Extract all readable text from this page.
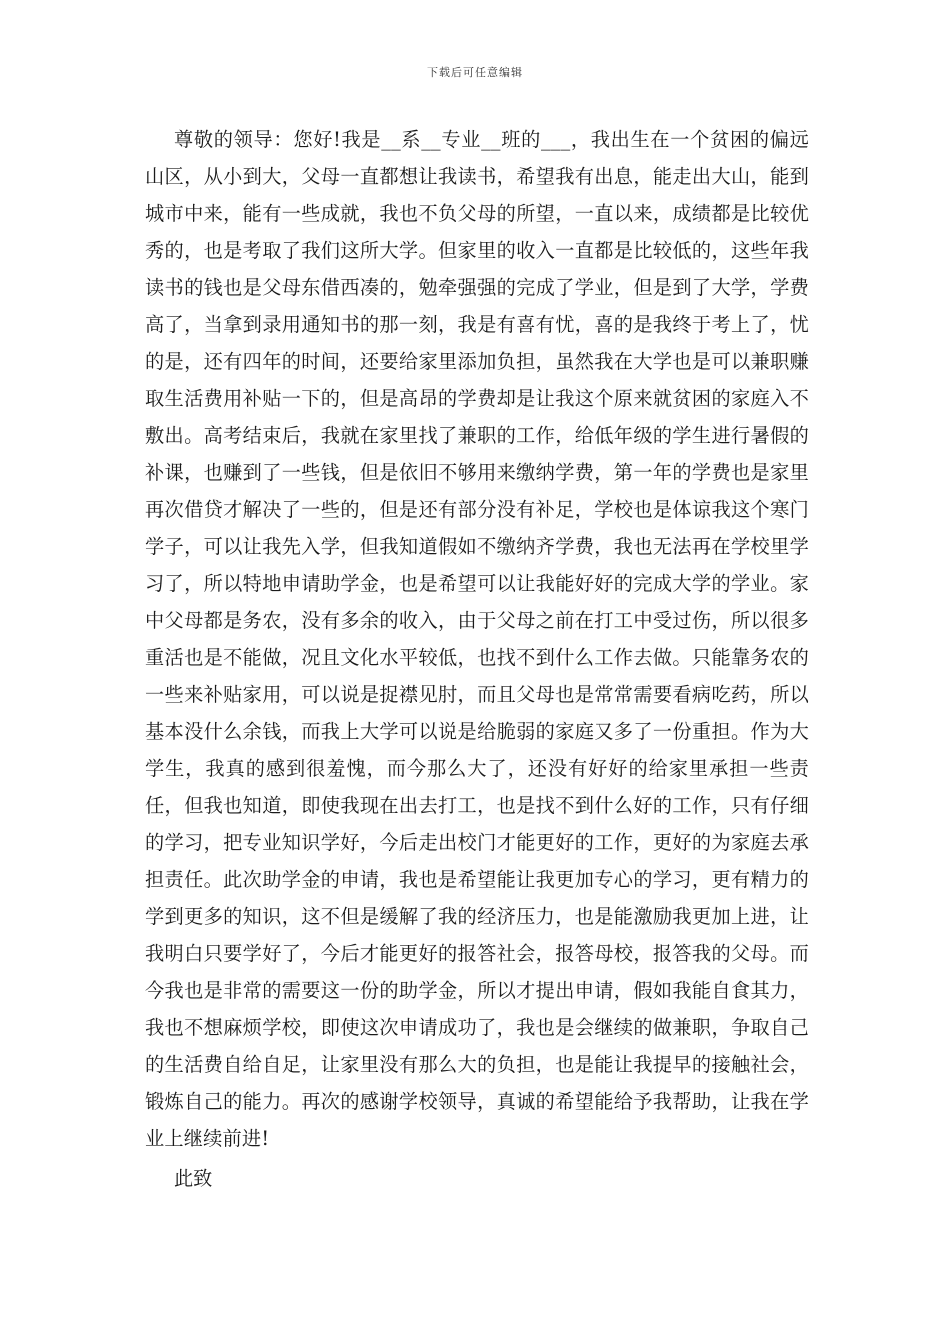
下载后可任意编辑

尊敬的领导：您好!我是__系__专业__班的___，我出生在一个贫困的偏远山区，从小到大，父母一直都想让我读书，希望我有出息，能走出大山，能到城市中来，能有一些成就，我也不负父母的所望，一直以来，成绩都是比较优秀的，也是考取了我们这所大学。但家里的收入一直都是比较低的，这些年我读书的钱也是父母东借西凑的，勉牵强强的完成了学业，但是到了大学，学费高了，当拿到录用通知书的那一刻，我是有喜有忧，喜的是我终于考上了，忧的是，还有四年的时间，还要给家里添加负担，虽然我在大学也是可以兼职赚取生活费用补贴一下的，但是高昂的学费却是让我这个原来就贫困的家庭入不敷出。高考结束后，我就在家里找了兼职的工作，给低年级的学生进行暑假的补课，也赚到了一些钱，但是依旧不够用来缴纳学费，第一年的学费也是家里再次借贷才解决了一些的，但是还有部分没有补足，学校也是体谅我这个寒门学子，可以让我先入学，但我知道假如不缴纳齐学费，我也无法再在学校里学习了，所以特地申请助学金，也是希望可以让我能好好的完成大学的学业。家中父母都是务农，没有多余的收入，由于父母之前在打工中受过伤，所以很多重活也是不能做，况且文化水平较低，也找不到什么工作去做。只能靠务农的一些来补贴家用，可以说是捉襟见肘，而且父母也是常常需要看病吃药，所以基本没什么余钱，而我上大学可以说是给脆弱的家庭又多了一份重担。作为大学生，我真的感到很羞愧，而今那么大了，还没有好好的给家里承担一些责任，但我也知道，即使我现在出去打工，也是找不到什么好的工作，只有仔细的学习，把专业知识学好，今后走出校门才能更好的工作，更好的为家庭去承担责任。此次助学金的申请，我也是希望能让我更加专心的学习，更有精力的学到更多的知识，这不但是缓解了我的经济压力，也是能激励我更加上进，让我明白只要学好了，今后才能更好的报答社会，报答母校，报答我的父母。而今我也是非常的需要这一份的助学金，所以才提出申请，假如我能自食其力，我也不想麻烦学校，即使这次申请成功了，我也是会继续的做兼职，争取自己的生活费自给自足，让家里没有那么大的负担，也是能让我提早的接触社会，锻炼自己的能力。再次的感谢学校领导，真诚的希望能给予我帮助，让我在学业上继续前进!

此致
